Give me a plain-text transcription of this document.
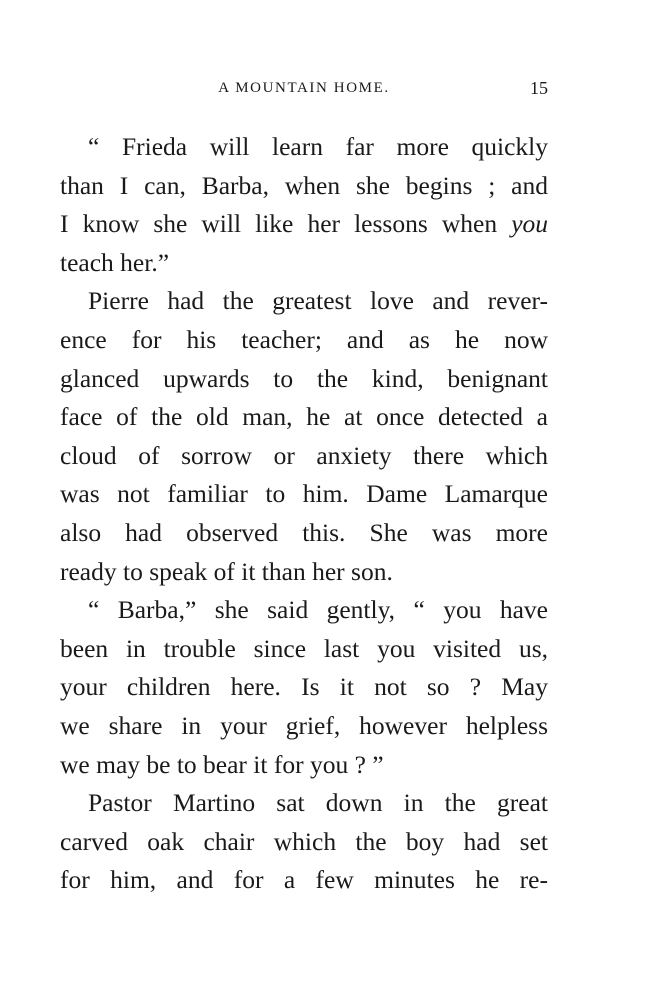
A MOUNTAIN HOME.	15
“ Frieda will learn far more quickly
than I can, Barba, when she begins ; and
I know she will like her lessons when you
teach her.”
Pierre had the greatest love and rever-
ence for his teacher; and as he now
glanced upwards to the kind, benignant
face of the old man, he at once detected a
cloud of sorrow or anxiety there which
was not familiar to him. Dame Lamarque
also had observed this. She was more
ready to speak of it than her son.
“ Barba,” she said gently, “ you have
been in trouble since last you visited us,
your children here. Is it not so ? May
we share in your grief, however helpless
we may be to bear it for you ? ”
Pastor Martino sat down in the great
carved oak chair which the boy had set
for him, and for a few minutes he re-
